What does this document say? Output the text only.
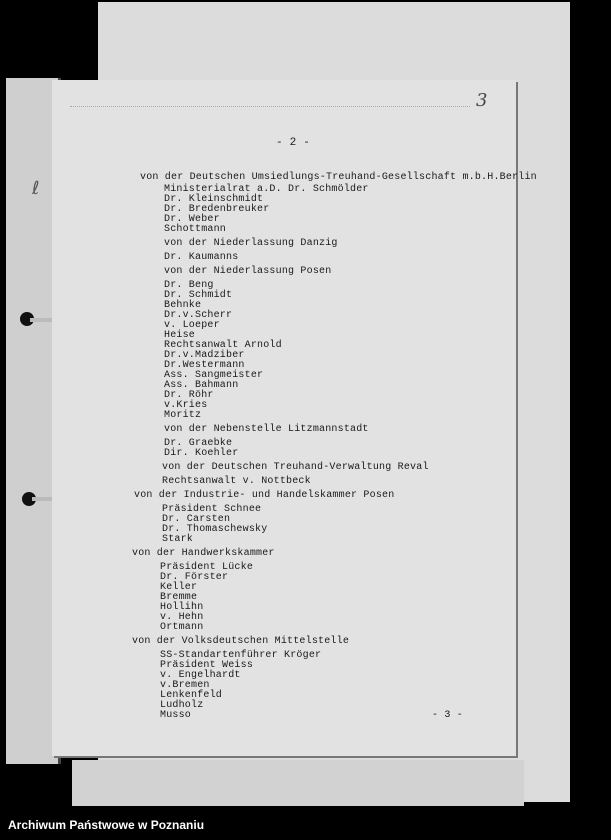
ℓ
3
- 2 -
von der Deutschen Umsiedlungs-Treuhand-Gesellschaft m.b.H.Berlin
Ministerialrat a.D. Dr. Schmölder
Dr. Kleinschmidt
Dr. Bredenbreuker
Dr. Weber
Schottmann
von der Niederlassung Danzig
Dr. Kaumanns
von der Niederlassung Posen
Dr. Beng
Dr. Schmidt
Behnke
Dr.v.Scherr
v. Loeper
Heise
Rechtsanwalt Arnold
Dr.v.Madziber
Dr.Westermann
Ass. Sangmeister
Ass. Bahmann
Dr. Röhr
v.Kries
Moritz
von der Nebenstelle Litzmannstadt
Dr. Graebke
Dir. Koehler
von der Deutschen Treuhand-Verwaltung Reval
Rechtsanwalt v. Nottbeck
von der Industrie- und Handelskammer Posen
Präsident Schnee
Dr. Carsten
Dr. Thomaschewsky
Stark
von der Handwerkskammer
Präsident Lücke
Dr. Förster
Keller
Bremme
Hollihn
v. Hehn
Ortmann
von der Volksdeutschen Mittelstelle
SS-Standartenführer Kröger
Präsident Weiss
v. Engelhardt
v.Bremen
Lenkenfeld
Ludholz
Musso	- 3 -
Archiwum Państwowe w Poznaniu
